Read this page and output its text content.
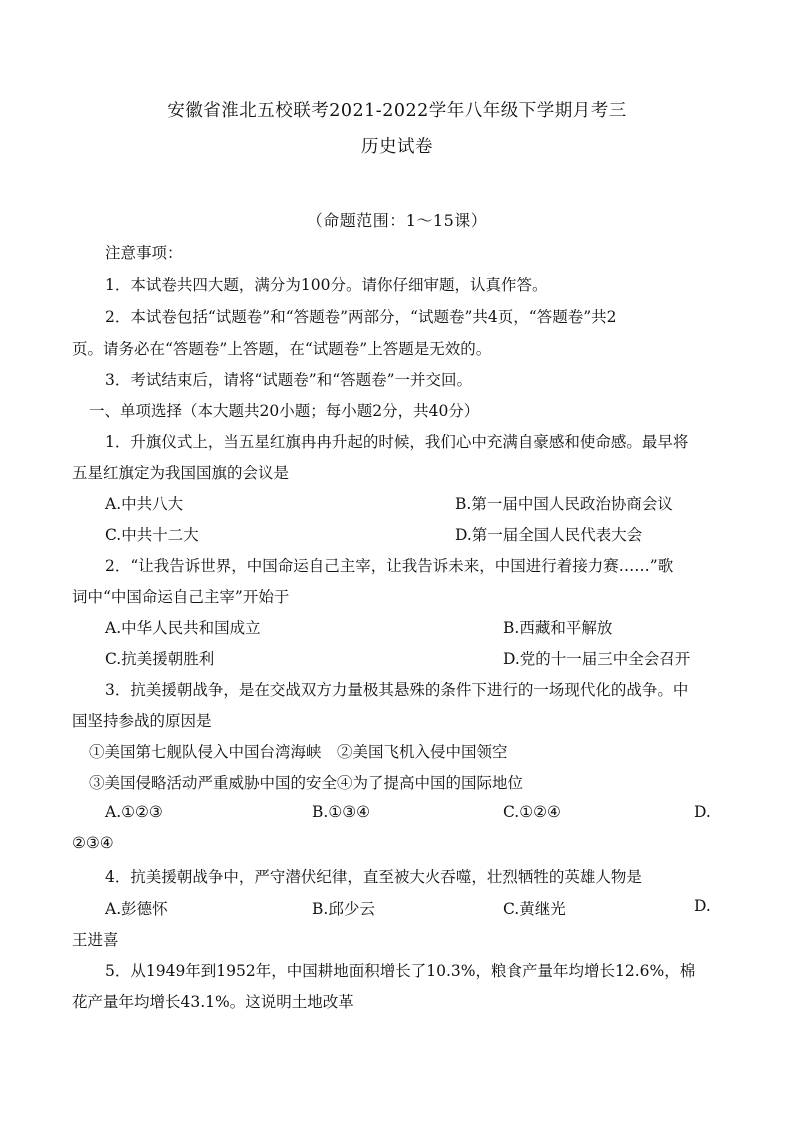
安徽省淮北五校联考2021-2022学年八年级下学期月考三
历史试卷
（命题范围：1～15课）
注意事项：
1．本试卷共四大题，满分为100分。请你仔细审题，认真作答。
2．本试卷包括“试题卷”和“答题卷”两部分，“试题卷”共4页，“答题卷”共2
页。请务必在“答题卷”上答题，在“试题卷”上答题是无效的。
3．考试结束后，请将“试题卷”和“答题卷”一并交回。
一、单项选择（本大题共20小题；每小题2分，共40分）
1．升旗仪式上，当五星红旗冉冉升起的时候，我们心中充满自豪感和使命感。最早将
五星红旗定为我国国旗的会议是
A.中共八大	B.第一届中国人民政治协商会议
C.中共十二大	D.第一届全国人民代表大会
2．“让我告诉世界，中国命运自己主宰，让我告诉未来，中国进行着接力赛……”歌
词中“中国命运自己主宰”开始于
A.中华人民共和国成立	B.西藏和平解放
C.抗美援朝胜利	D.党的十一届三中全会召开
3．抗美援朝战争，是在交战双方力量极其悬殊的条件下进行的一场现代化的战争。中
国坚持参战的原因是
①美国第七舰队侵入中国台湾海峡　②美国飞机入侵中国领空
③美国侵略活动严重威胁中国的安全④为了提高中国的国际地位
A.①②③	B.①③④	C.①②④	D.
②③④
4．抗美援朝战争中，严守潜伏纪律，直至被大火吞噬，壮烈牺牲的英雄人物是
A.彭德怀	B.邱少云	C.黄继光	D.
王进喜
5．从1949年到1952年，中国耕地面积增长了10.3%，粮食产量年均增长12.6%，棉
花产量年均增长43.1%。这说明土地改革
